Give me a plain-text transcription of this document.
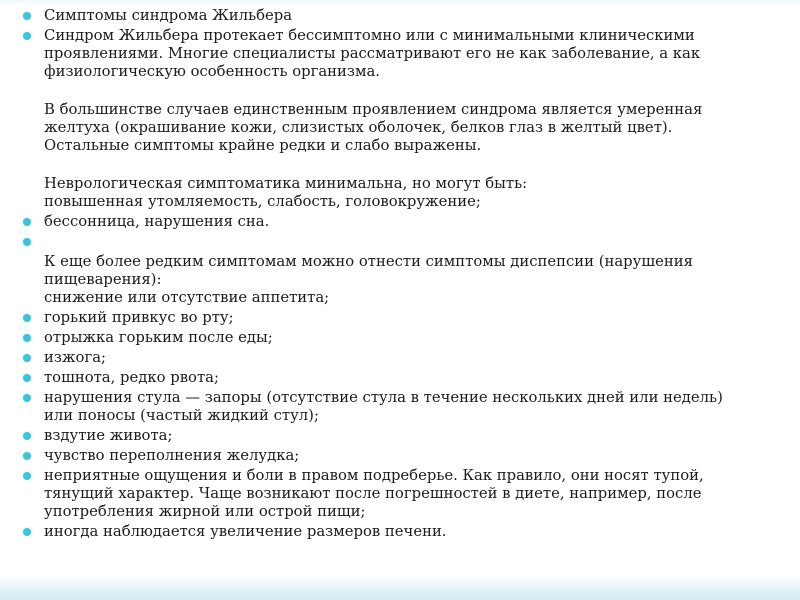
Симптомы синдрома Жильбера
Синдром Жильбера протекает бессимптомно или с минимальными клиническими
проявлениями. Многие специалисты рассматривают его не как заболевание, а как
физиологическую особенность организма.
В большинстве случаев единственным проявлением синдрома является умеренная
желтуха (окрашивание кожи, слизистых оболочек, белков глаз в желтый цвет).
Остальные симптомы крайне редки и слабо выражены.
Неврологическая симптоматика минимальна, но могут быть:
повышенная утомляемость, слабость, головокружение;
бессонница, нарушения сна.
К еще более редким симптомам можно отнести симптомы диспепсии (нарушения
пищеварения):
снижение или отсутствие аппетита;
горький привкус во рту;
отрыжка горьким после еды;
изжога;
тошнота, редко рвота;
нарушения стула — запоры (отсутствие стула в течение нескольких дней или недель)
или поносы (частый жидкий стул);
вздутие живота;
чувство переполнения желудка;
неприятные ощущения и боли в правом подреберье. Как правило, они носят тупой,
тянущий характер. Чаще возникают после погрешностей в диете, например, после
употребления жирной или острой пищи;
иногда наблюдается увеличение размеров печени.
